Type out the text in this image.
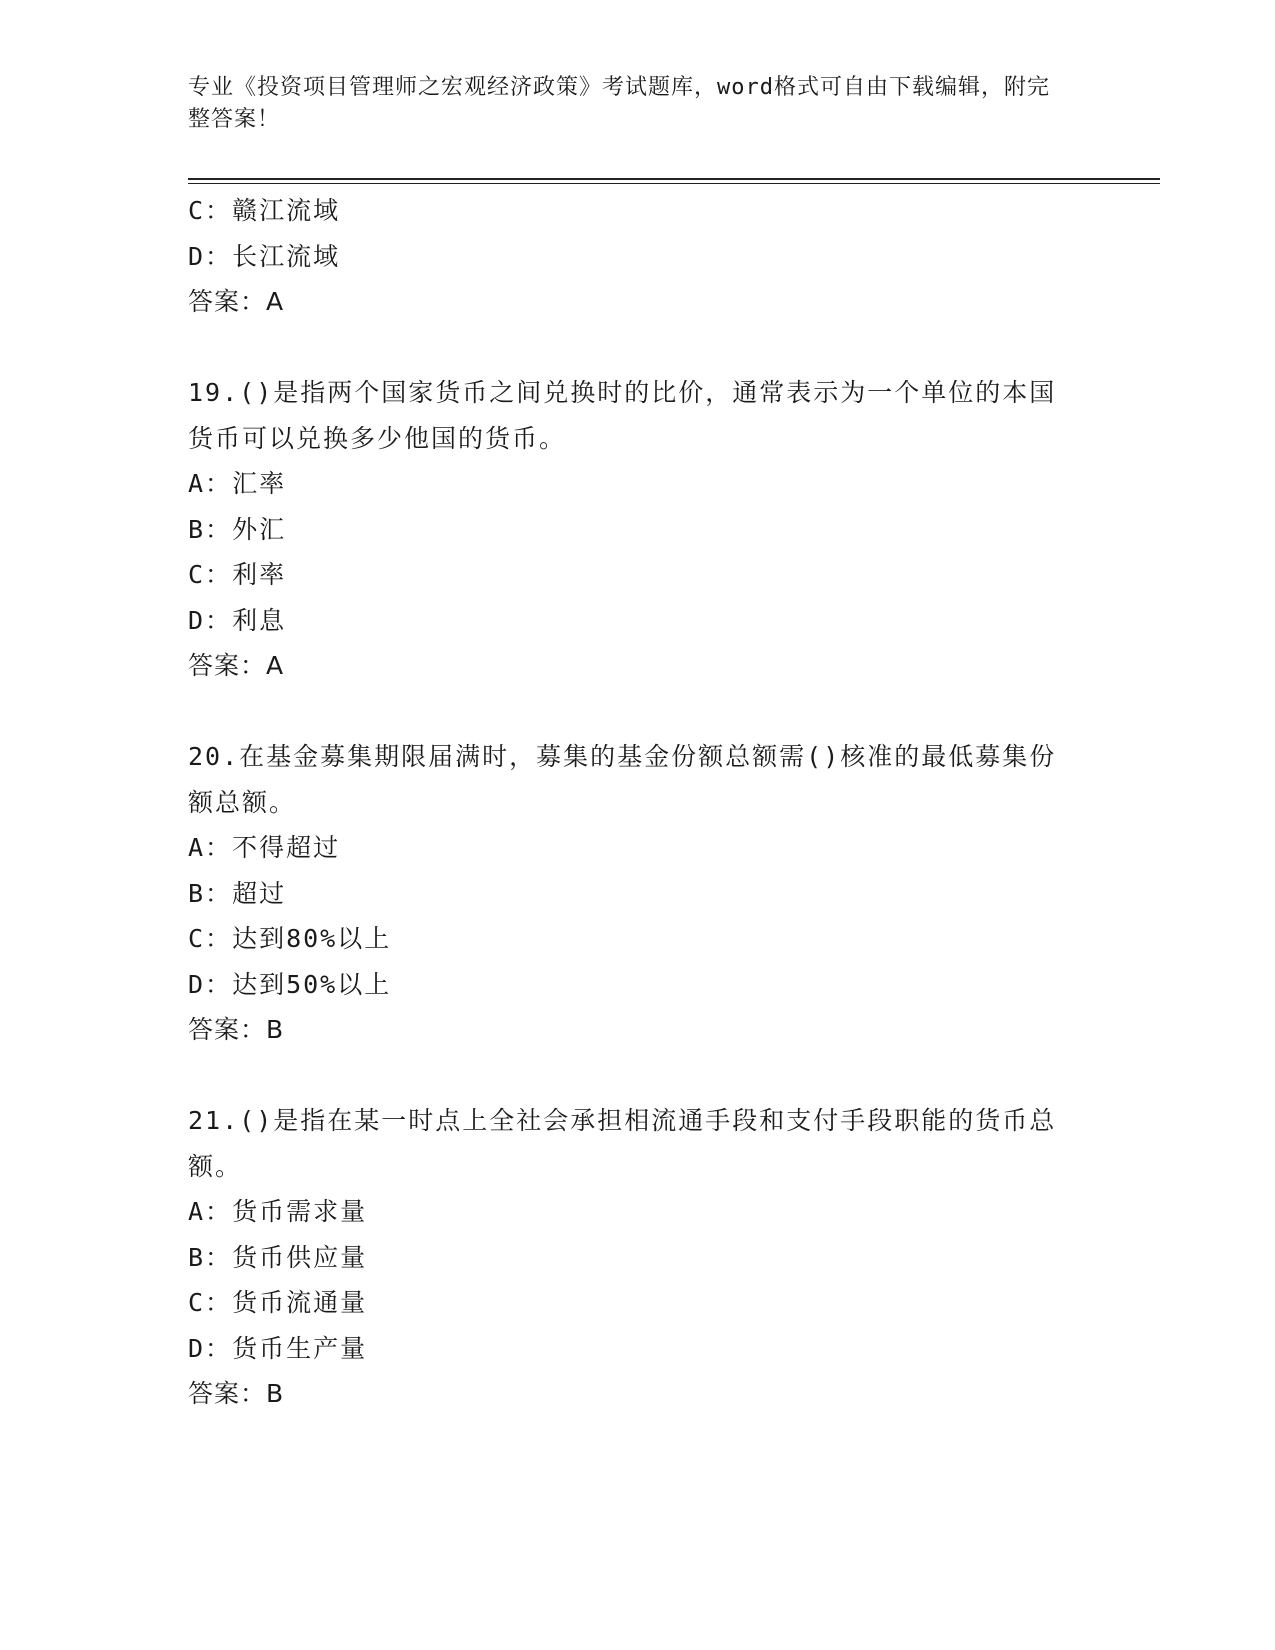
专业《投资项目管理师之宏观经济政策》考试题库，word格式可自由下载编辑，附完整答案！
C：赣江流域
D：长江流域
答案：A
19.()是指两个国家货币之间兑换时的比价，通常表示为一个单位的本国货币可以兑换多少他国的货币。
A：汇率
B：外汇
C：利率
D：利息
答案：A
20.在基金募集期限届满时，募集的基金份额总额需()核准的最低募集份额总额。
A：不得超过
B：超过
C：达到80%以上
D：达到50%以上
答案：B
21.()是指在某一时点上全社会承担相流通手段和支付手段职能的货币总额。
A：货币需求量
B：货币供应量
C：货币流通量
D：货币生产量
答案：B
